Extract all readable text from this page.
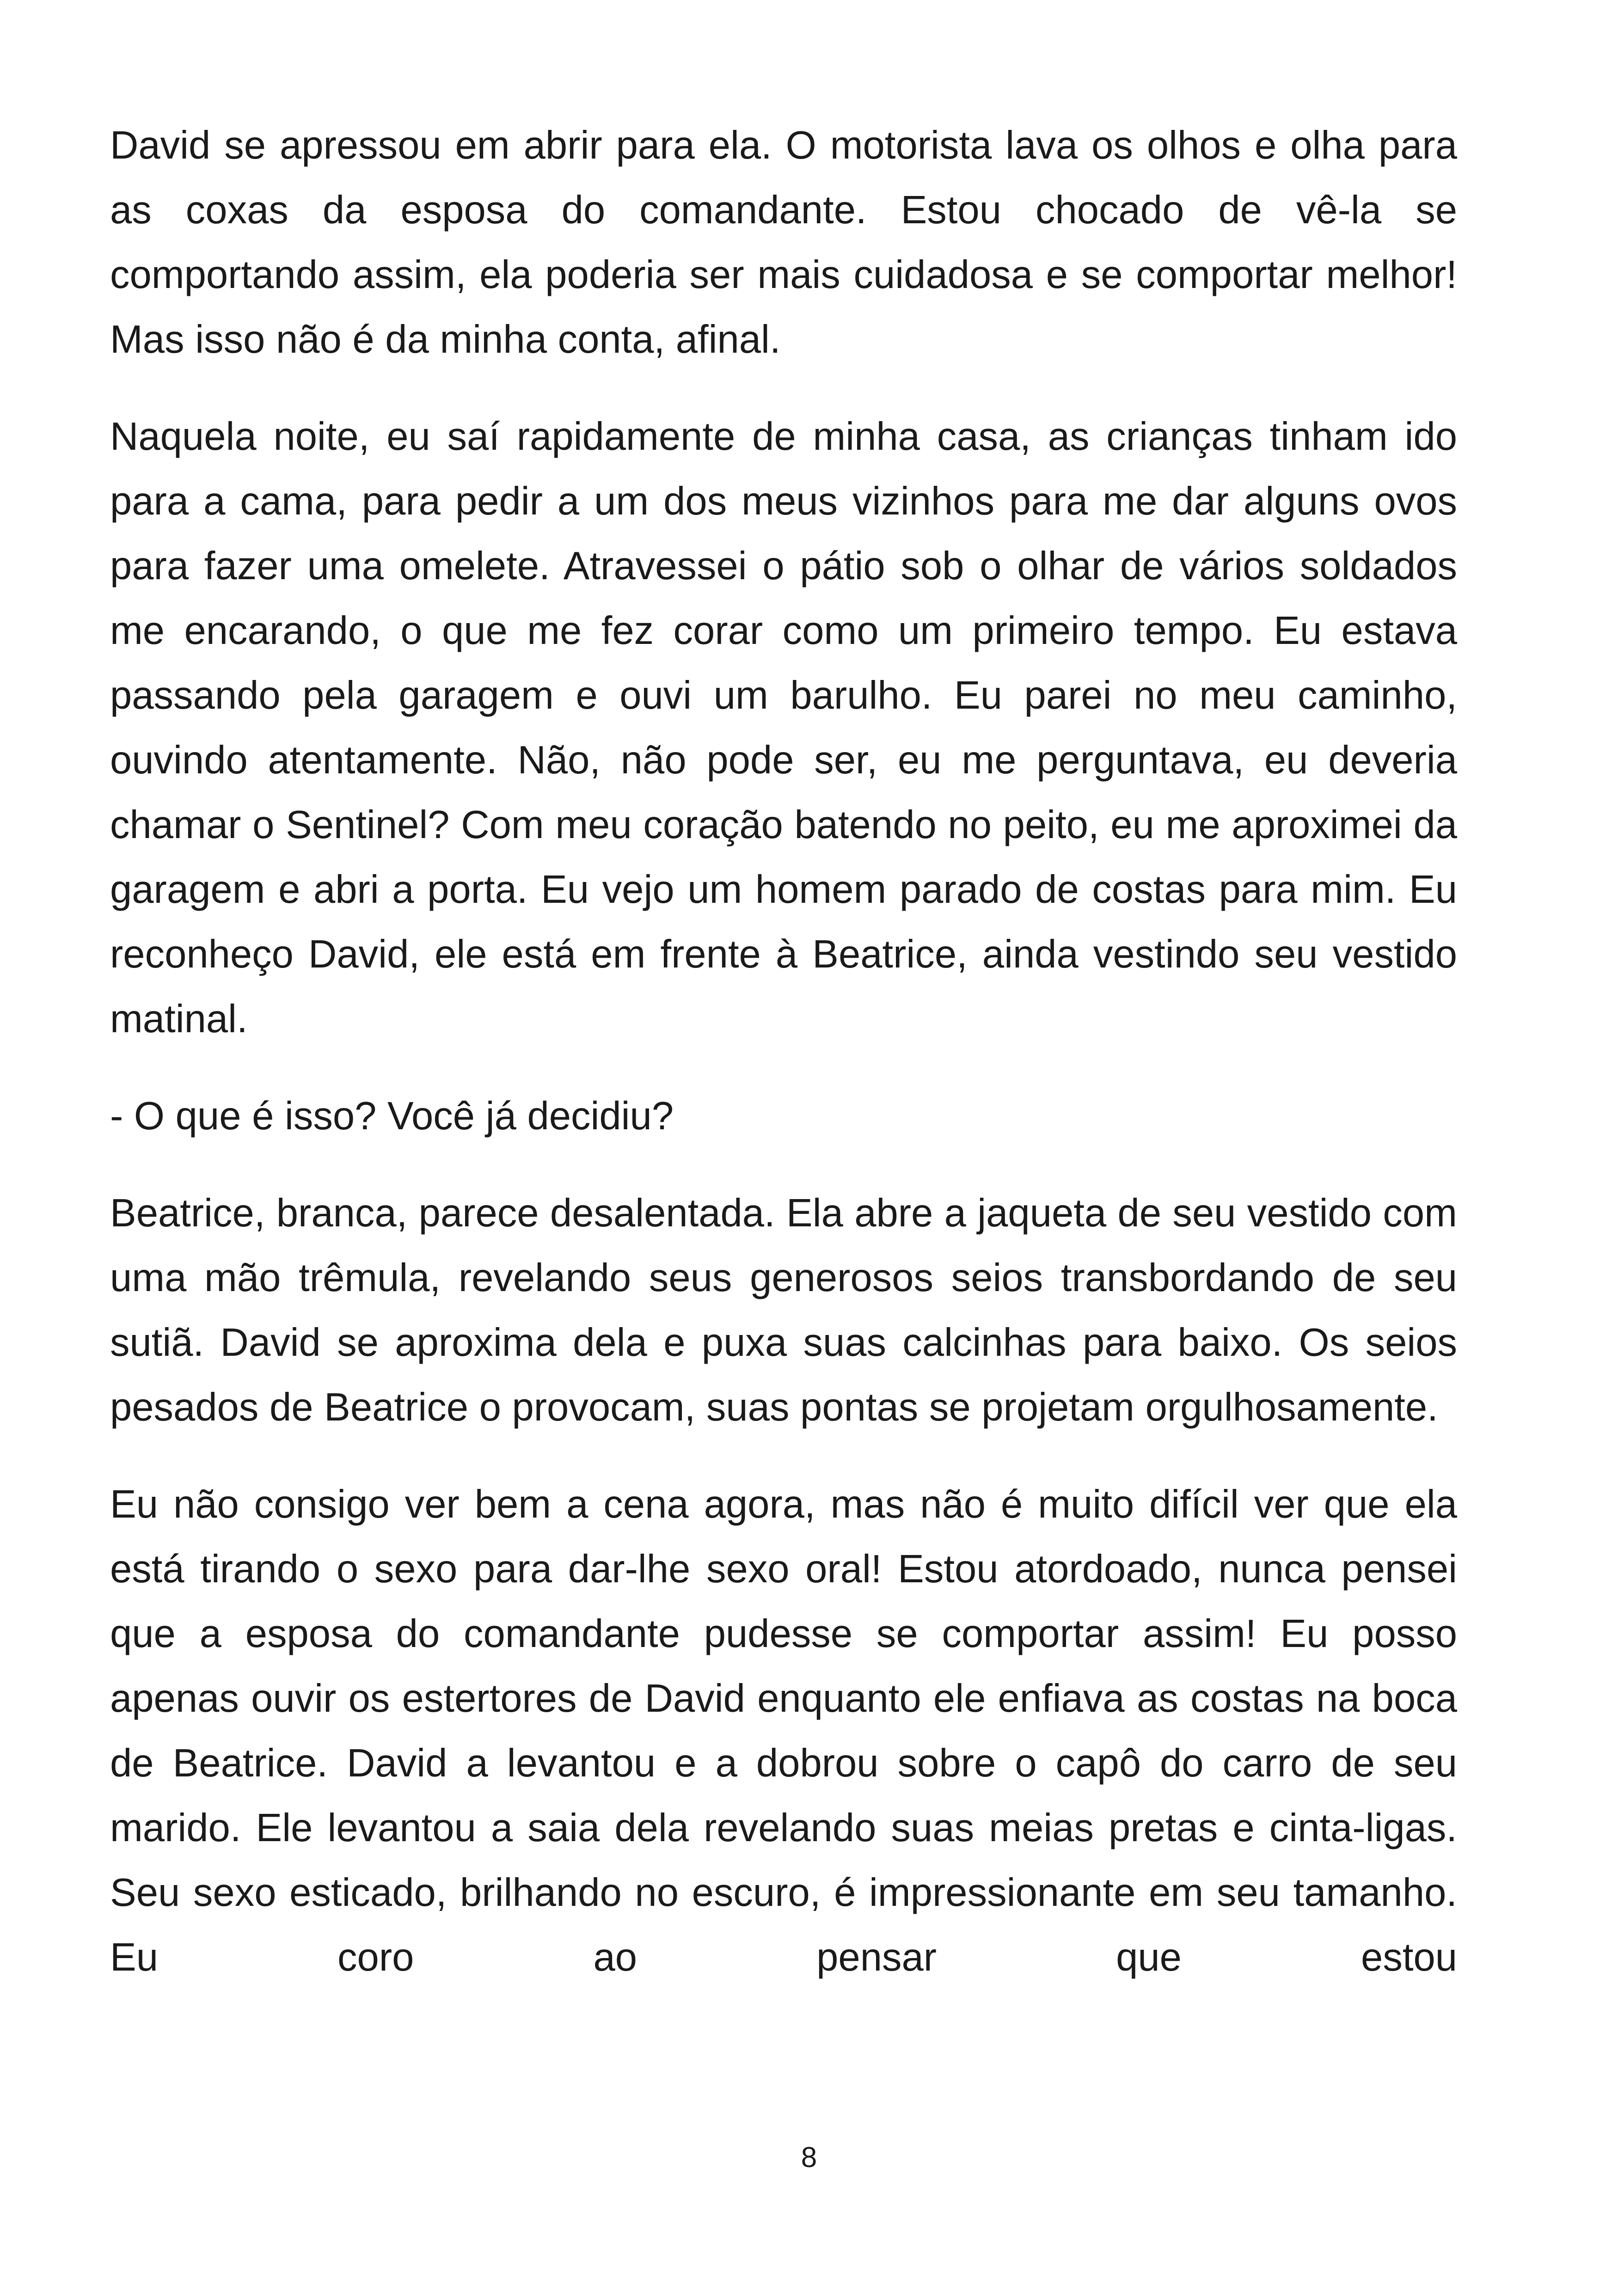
David se apressou em abrir para ela. O motorista lava os olhos e olha para as coxas da esposa do comandante. Estou chocado de vê-la se comportando assim, ela poderia ser mais cuidadosa e se comportar melhor! Mas isso não é da minha conta, afinal.

Naquela noite, eu saí rapidamente de minha casa, as crianças tinham ido para a cama, para pedir a um dos meus vizinhos para me dar alguns ovos para fazer uma omelete. Atravessei o pátio sob o olhar de vários soldados me encarando, o que me fez corar como um primeiro tempo. Eu estava passando pela garagem e ouvi um barulho. Eu parei no meu caminho, ouvindo atentamente. Não, não pode ser, eu me perguntava, eu deveria chamar o Sentinel? Com meu coração batendo no peito, eu me aproximei da garagem e abri a porta. Eu vejo um homem parado de costas para mim. Eu reconheço David, ele está em frente à Beatrice, ainda vestindo seu vestido matinal.

- O que é isso? Você já decidiu?

Beatrice, branca, parece desalentada. Ela abre a jaqueta de seu vestido com uma mão trêmula, revelando seus generosos seios transbordando de seu sutiã. David se aproxima dela e puxa suas calcinhas para baixo. Os seios pesados de Beatrice o provocam, suas pontas se projetam orgulhosamente.

Eu não consigo ver bem a cena agora, mas não é muito difícil ver que ela está tirando o sexo para dar-lhe sexo oral! Estou atordoado, nunca pensei que a esposa do comandante pudesse se comportar assim! Eu posso apenas ouvir os estertores de David enquanto ele enfiava as costas na boca de Beatrice. David a levantou e a dobrou sobre o capô do carro de seu marido. Ele levantou a saia dela revelando suas meias pretas e cinta-ligas. Seu sexo esticado, brilhando no escuro, é impressionante em seu tamanho. Eu coro ao pensar que estou

8
